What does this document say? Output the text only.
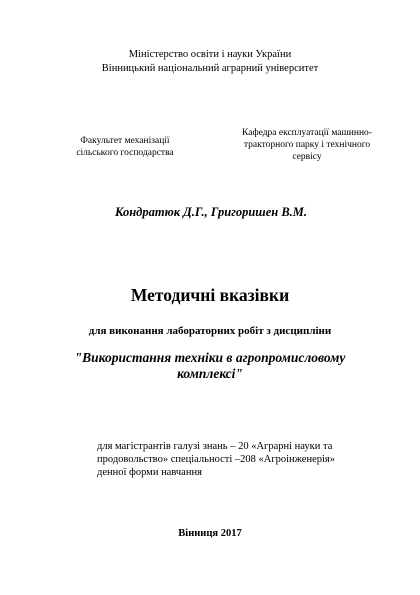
Міністерство освіти і науки України
Вінницький національний аграрний університет
Факультет механізації
сільського господарства
Кафедра експлуатації машинно-
тракторного парку і технічного
сервісу
Кондратюк Д.Г., Григоришен В.М.
Методичні вказівки
для виконання лабораторних робіт з дисципліни
"Використання техніки в агропромисловому
комплексі"
для магістрантів галузі знань – 20 «Аграрні науки та
продовольство» спеціальності –208 «Агроінженерія»
денної форми навчання
Вінниця 2017
